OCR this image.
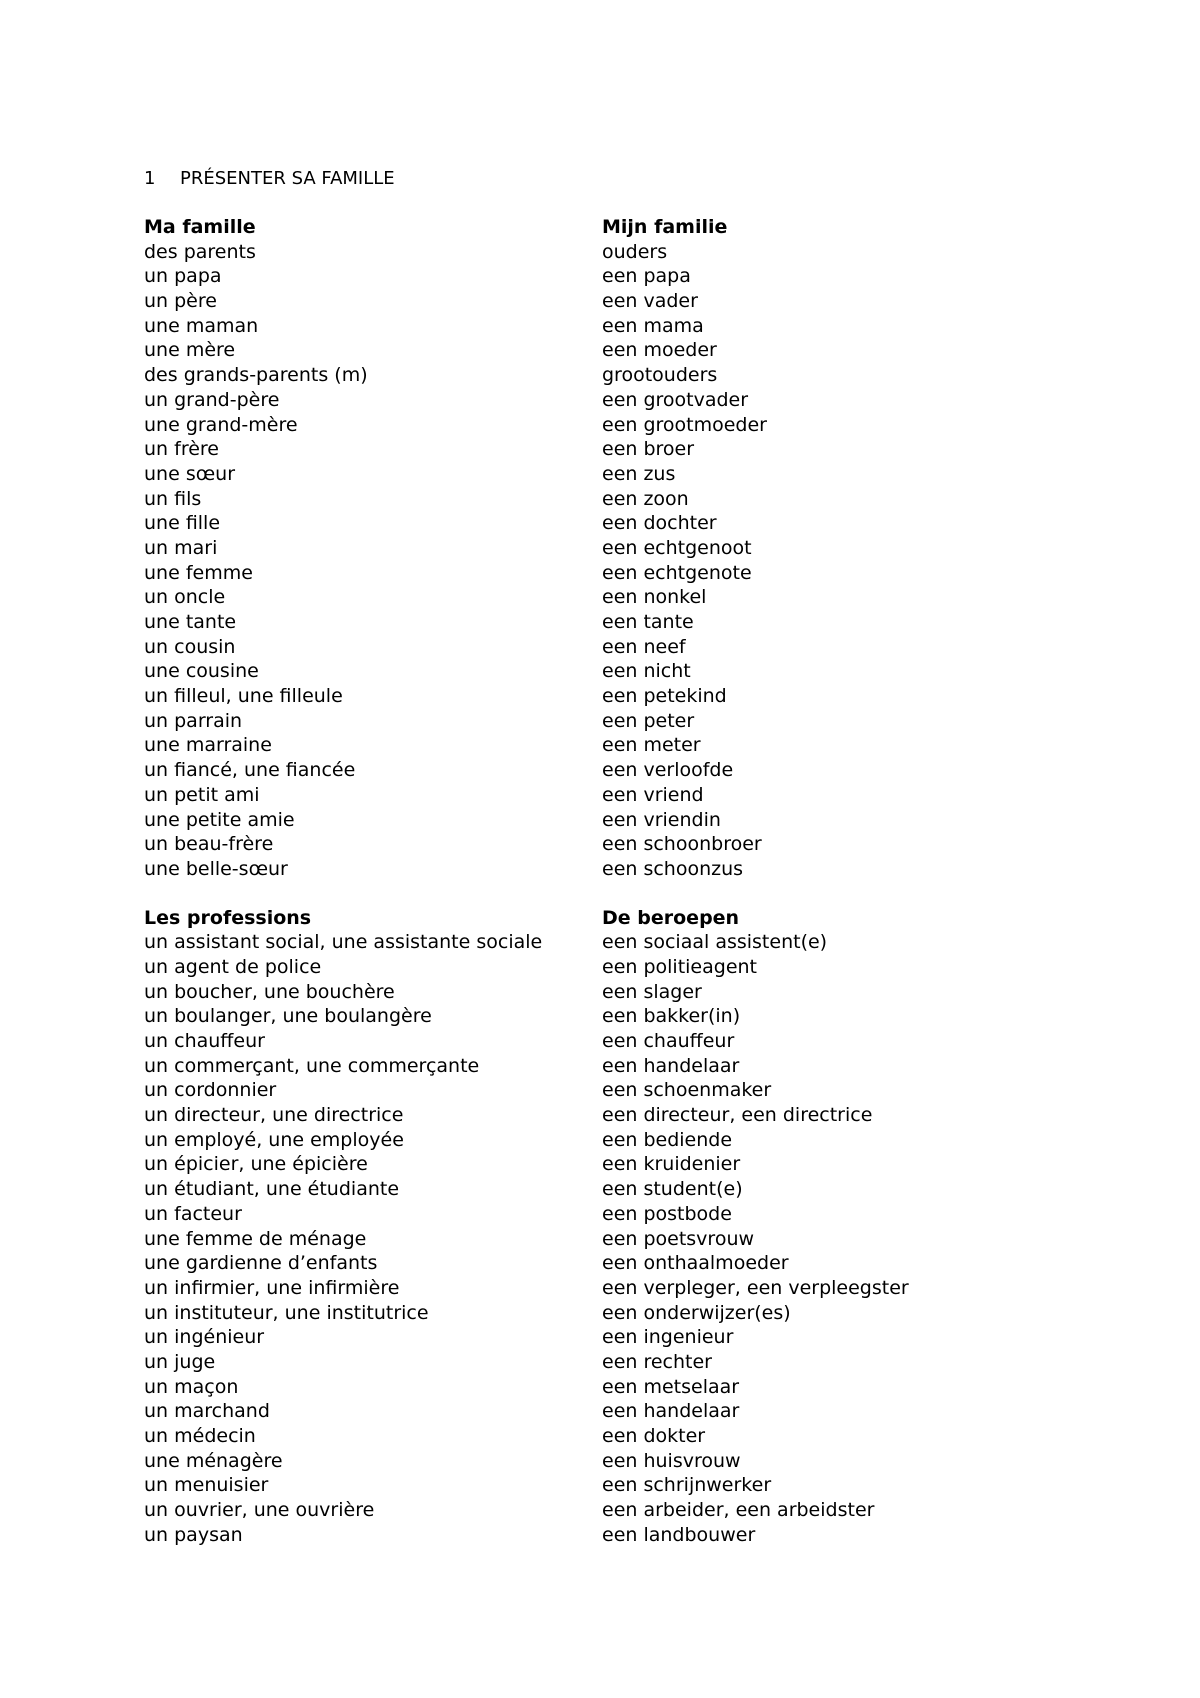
1 PRÉSENTER SA FAMILLE
Ma famille	Mijn familie
des parents	ouders
un papa	een papa
un père	een vader
une maman	een mama
une mère	een moeder
des grands-parents (m)	grootouders
un grand-père	een grootvader
une grand-mère	een grootmoeder
un frère	een broer
une sœur	een zus
un fils	een zoon
une fille	een dochter
un mari	een echtgenoot
une femme	een echtgenote
un oncle	een nonkel
une tante	een tante
un cousin	een neef
une cousine	een nicht
un filleul, une filleule	een petekind
un parrain	een peter
une marraine	een meter
un fiancé, une fiancée	een verloofde
un petit ami	een vriend
une petite amie	een vriendin
un beau-frère	een schoonbroer
une belle-sœur	een schoonzus
Les professions	De beroepen
un assistant social, une assistante sociale	een sociaal assistent(e)
un agent de police	een politieagent
un boucher, une bouchère	een slager
un boulanger, une boulangère	een bakker(in)
un chauffeur	een chauffeur
un commerçant, une commerçante	een handelaar
un cordonnier	een schoenmaker
un directeur, une directrice	een directeur, een directrice
un employé, une employée	een bediende
un épicier, une épicière	een kruidenier
un étudiant, une étudiante	een student(e)
un facteur	een postbode
une femme de ménage	een poetsvrouw
une gardienne d’enfants	een onthaalmoeder
un infirmier, une infirmière	een verpleger, een verpleegster
un instituteur, une institutrice	een onderwijzer(es)
un ingénieur	een ingenieur
un juge	een rechter
un maçon	een metselaar
un marchand	een handelaar
un médecin	een dokter
une ménagère	een huisvrouw
un menuisier	een schrijnwerker
un ouvrier, une ouvrière	een arbeider, een arbeidster
un paysan	een landbouwer
